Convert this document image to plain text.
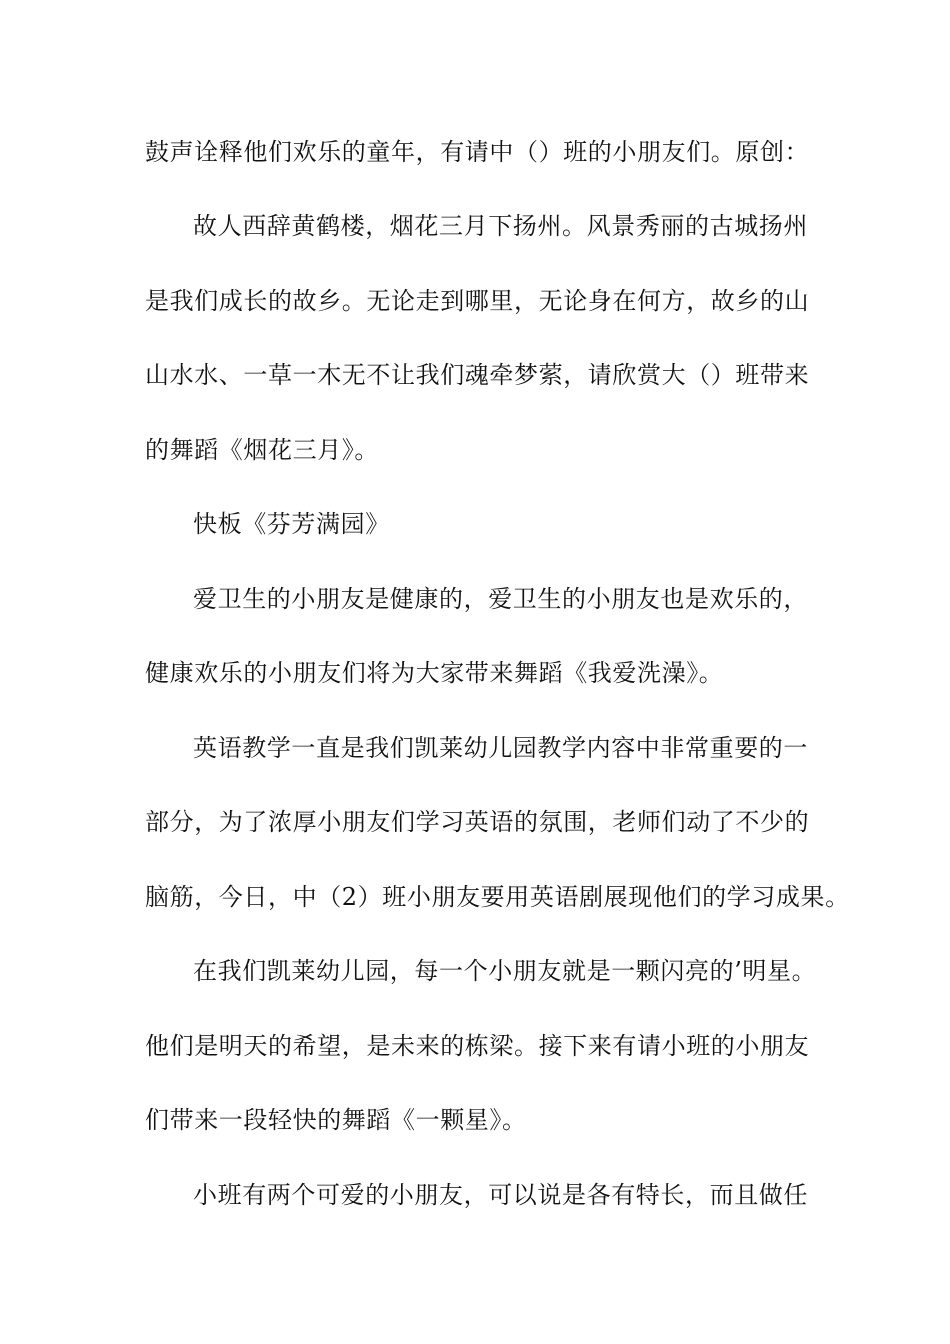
鼓声诠释他们欢乐的童年，有请中（）班的小朋友们。原创：
故人西辞黄鹤楼，烟花三月下扬州。风景秀丽的古城扬州
是我们成长的故乡。无论走到哪里，无论身在何方，故乡的山
山水水、一草一木无不让我们魂牵梦萦，请欣赏大（）班带来
的舞蹈《烟花三月》。
快板《芬芳满园》
爱卫生的小朋友是健康的，爱卫生的小朋友也是欢乐的，
健康欢乐的小朋友们将为大家带来舞蹈《我爱洗澡》。
英语教学一直是我们凯莱幼儿园教学内容中非常重要的一
部分，为了浓厚小朋友们学习英语的氛围，老师们动了不少的
脑筋，今日，中（2）班小朋友要用英语剧展现他们的学习成果。
在我们凯莱幼儿园，每一个小朋友就是一颗闪亮的’明星。
他们是明天的希望，是未来的栋梁。接下来有请小班的小朋友
们带来一段轻快的舞蹈《一颗星》。
小班有两个可爱的小朋友，可以说是各有特长，而且做任
